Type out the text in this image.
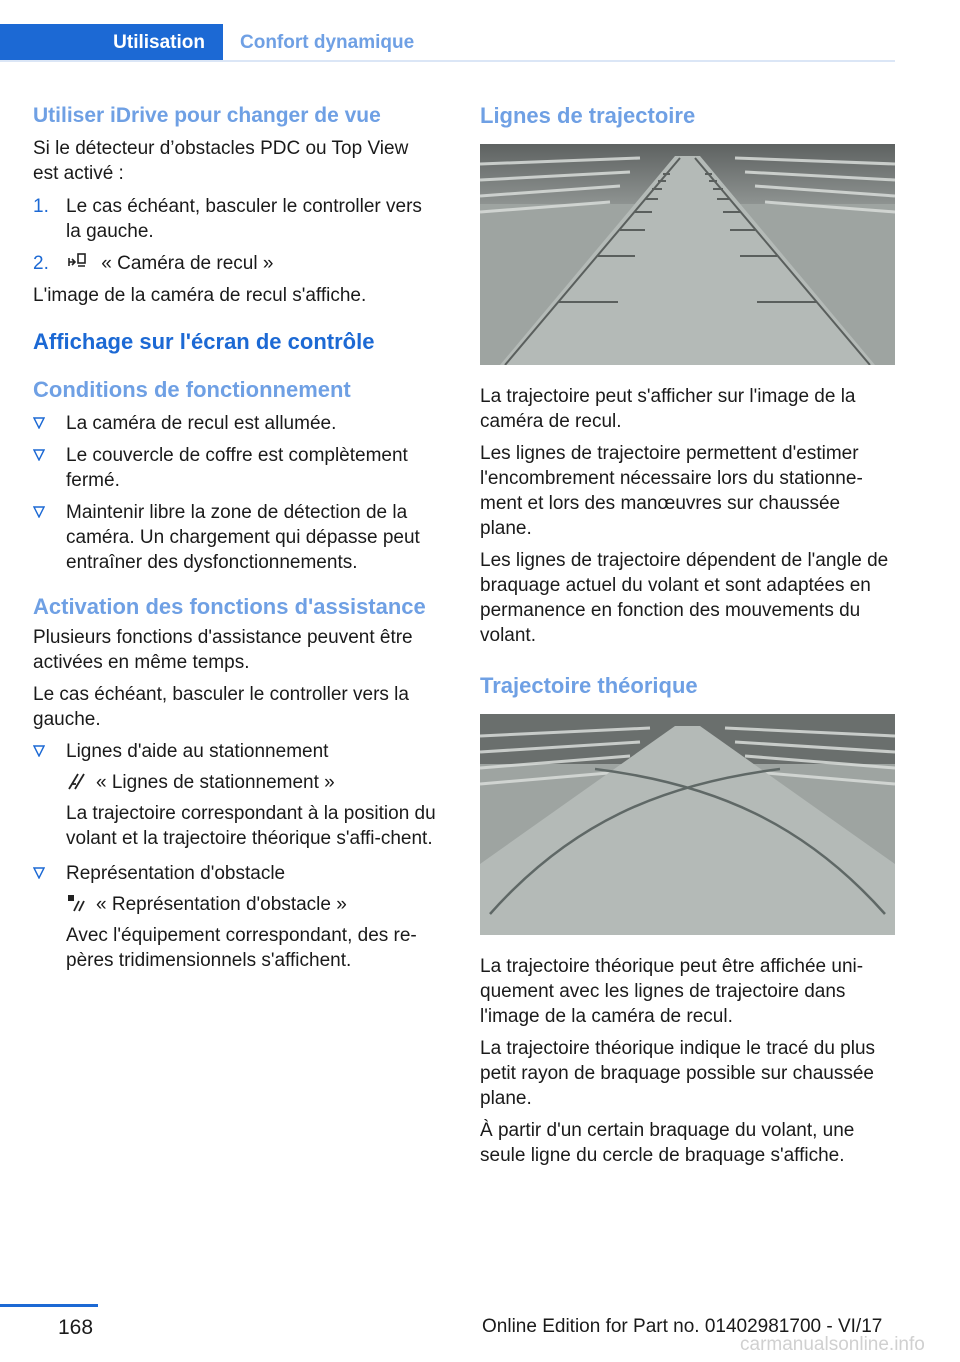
Utilisation	Confort dynamique
Utiliser iDrive pour changer de vue

Si le détecteur d’obstacles PDC ou Top View est activé :

1. Le cas échéant, basculer le controller vers la gauche.
2.	« Caméra de recul »

L'image de la caméra de recul s'affiche.

Affichage sur l'écran de contrôle
Conditions de fonctionnement
La caméra de recul est allumée.
Le couvercle de coffre est complètement fermé.
Maintenir libre la zone de détection de la caméra. Un chargement qui dépasse peut entraîner des dysfonctionnements.
Activation des fonctions d'assistance

Plusieurs fonctions d'assistance peuvent être activées en même temps.

Le cas échéant, basculer le controller vers la gauche.

Lignes d'aide au stationnement
« Lignes de stationnement »
La trajectoire correspondant à la position du volant et la trajectoire théorique s'affi-chent.
Représentation d'obstacle
« Représentation d'obstacle »
Avec l'équipement correspondant, des re-pères tridimensionnels s'affichent.
Lignes de trajectoire

La trajectoire peut s'afficher sur l'image de la caméra de recul.

Les lignes de trajectoire permettent d'estimer l'encombrement nécessaire lors du stationne-ment et lors des manœuvres sur chaussée plane.

Les lignes de trajectoire dépendent de l'angle de braquage actuel du volant et sont adaptées en permanence en fonction des mouvements du volant.

Trajectoire théorique

La trajectoire théorique peut être affichée uni-quement avec les lignes de trajectoire dans l'image de la caméra de recul.

La trajectoire théorique indique le tracé du plus petit rayon de braquage possible sur chaussée plane.

À partir d'un certain braquage du volant, une seule ligne du cercle de braquage s'affiche.

168	Online Edition for Part no. 01402981700 - VI/17
carmanualsonline.info
